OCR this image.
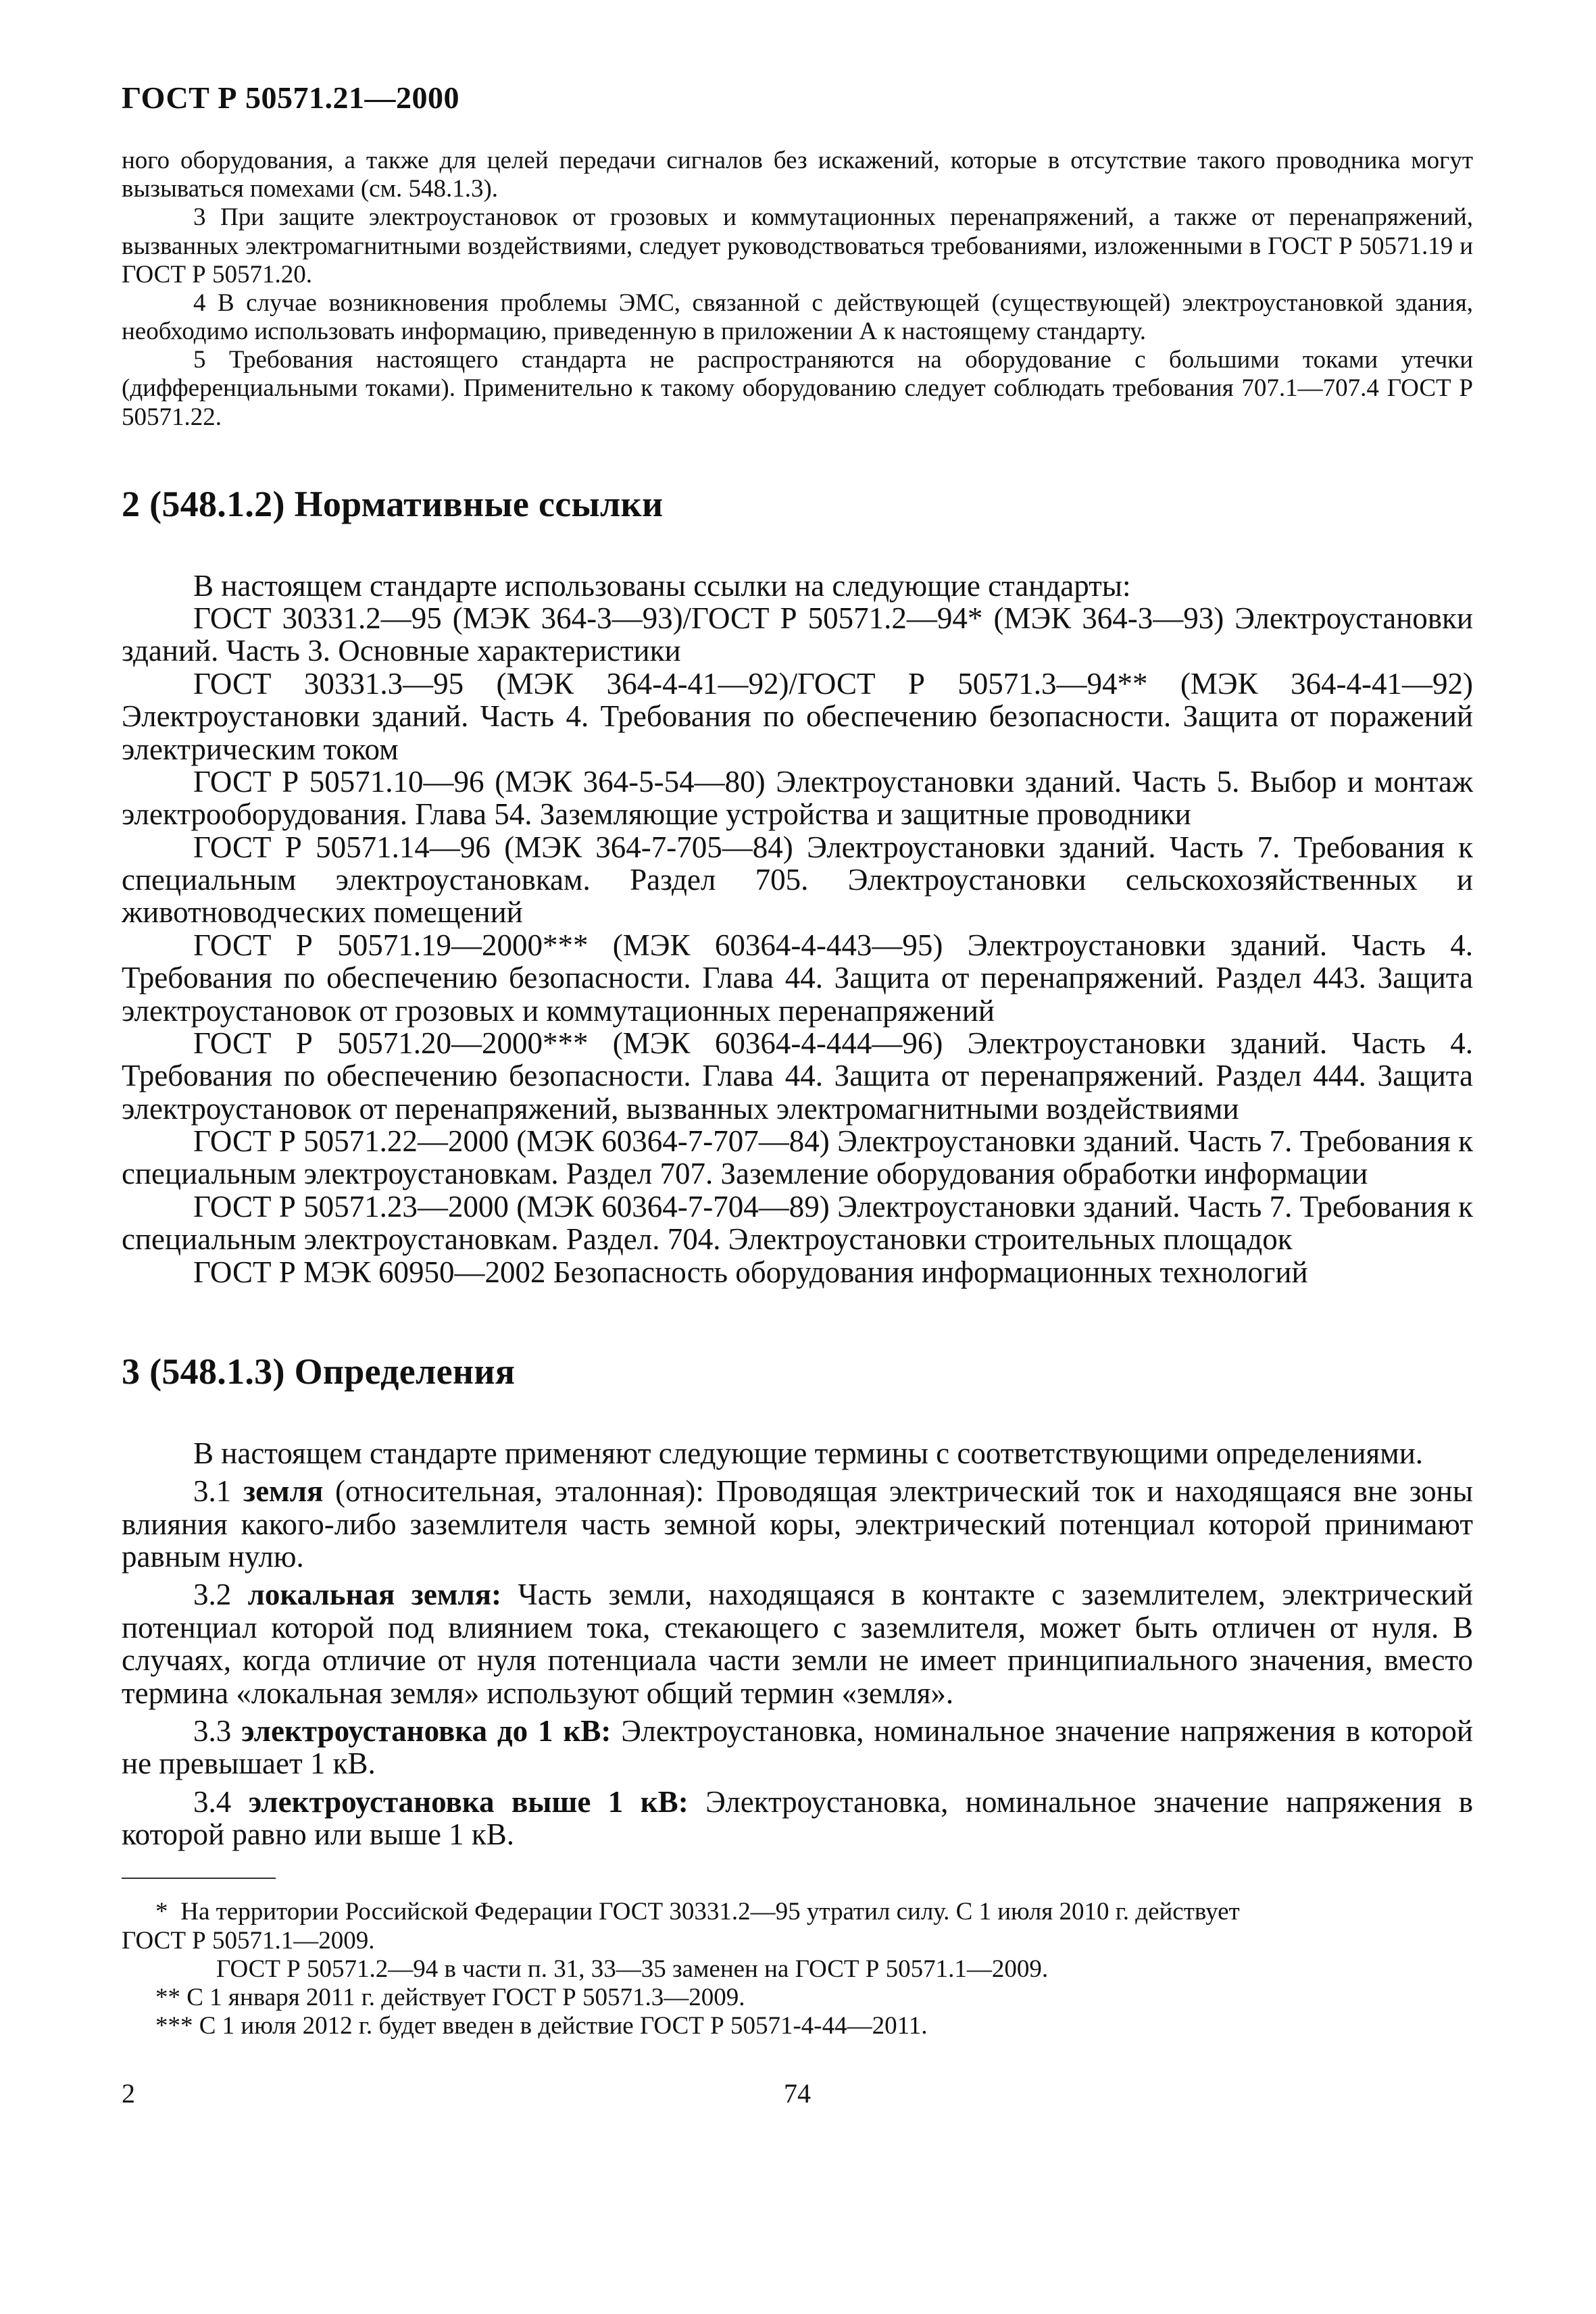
ГОСТ Р 50571.21—2000

ного оборудования, а также для целей передачи сигналов без искажений, которые в отсутствие такого проводника могут вызываться помехами (см. 548.1.3).

3 При защите электроустановок от грозовых и коммутационных перенапряжений, а также от перенапряжений, вызванных электромагнитными воздействиями, следует руководствоваться требованиями, изложенными в ГОСТ Р 50571.19 и ГОСТ Р 50571.20.

4 В случае возникновения проблемы ЭМС, связанной с действующей (существующей) электроустановкой здания, необходимо использовать информацию, приведенную в приложении А к настоящему стандарту.

5 Требования настоящего стандарта не распространяются на оборудование с большими токами утечки (дифференциальными токами). Применительно к такому оборудованию следует соблюдать требования 707.1—707.4 ГОСТ Р 50571.22.

2 (548.1.2) Нормативные ссылки

В настоящем стандарте использованы ссылки на следующие стандарты:

ГОСТ 30331.2—95 (МЭК 364-3—93)/ГОСТ Р 50571.2—94* (МЭК 364-3—93) Электроустановки зданий. Часть 3. Основные характеристики

ГОСТ 30331.3—95 (МЭК 364-4-41—92)/ГОСТ Р 50571.3—94** (МЭК 364-4-41—92) Электроустановки зданий. Часть 4. Требования по обеспечению безопасности. Защита от поражений электрическим током

ГОСТ Р 50571.10—96 (МЭК 364-5-54—80) Электроустановки зданий. Часть 5. Выбор и монтаж электрооборудования. Глава 54. Заземляющие устройства и защитные проводники

ГОСТ Р 50571.14—96 (МЭК 364-7-705—84) Электроустановки зданий. Часть 7. Требования к специальным электроустановкам. Раздел 705. Электроустановки сельскохозяйственных и животноводческих помещений

ГОСТ Р 50571.19—2000*** (МЭК 60364-4-443—95) Электроустановки зданий. Часть 4. Требования по обеспечению безопасности. Глава 44. Защита от перенапряжений. Раздел 443. Защита электроустановок от грозовых и коммутационных перенапряжений

ГОСТ Р 50571.20—2000*** (МЭК 60364-4-444—96) Электроустановки зданий. Часть 4. Требования по обеспечению безопасности. Глава 44. Защита от перенапряжений. Раздел 444. Защита электроустановок от перенапряжений, вызванных электромагнитными воздействиями

ГОСТ Р 50571.22—2000 (МЭК 60364-7-707—84) Электроустановки зданий. Часть 7. Требования к специальным электроустановкам. Раздел 707. Заземление оборудования обработки информации

ГОСТ Р 50571.23—2000 (МЭК 60364-7-704—89) Электроустановки зданий. Часть 7. Требования к специальным электроустановкам. Раздел. 704. Электроустановки строительных площадок

ГОСТ Р МЭК 60950—2002 Безопасность оборудования информационных технологий

3 (548.1.3) Определения

В настоящем стандарте применяют следующие термины с соответствующими определениями.

3.1 земля (относительная, эталонная): Проводящая электрический ток и находящаяся вне зоны влияния какого-либо заземлителя часть земной коры, электрический потенциал которой принимают равным нулю.

3.2 локальная земля: Часть земли, находящаяся в контакте с заземлителем, электрический потенциал которой под влиянием тока, стекающего с заземлителя, может быть отличен от нуля. В случаях, когда отличие от нуля потенциала части земли не имеет принципиального значения, вместо термина «локальная земля» используют общий термин «земля».

3.3 электроустановка до 1 кВ: Электроустановка, номинальное значение напряжения в которой не превышает 1 кВ.

3.4 электроустановка выше 1 кВ: Электроустановка, номинальное значение напряжения в которой равно или выше 1 кВ.

* На территории Российской Федерации ГОСТ 30331.2—95 утратил силу. С 1 июля 2010 г. действует

ГОСТ Р 50571.1—2009.

ГОСТ Р 50571.2—94 в части п. 31, 33—35 заменен на ГОСТ Р 50571.1—2009.

** С 1 января 2011 г. действует ГОСТ Р 50571.3—2009.

*** С 1 июля 2012 г. будет введен в действие ГОСТ Р 50571-4-44—2011.

2	74
